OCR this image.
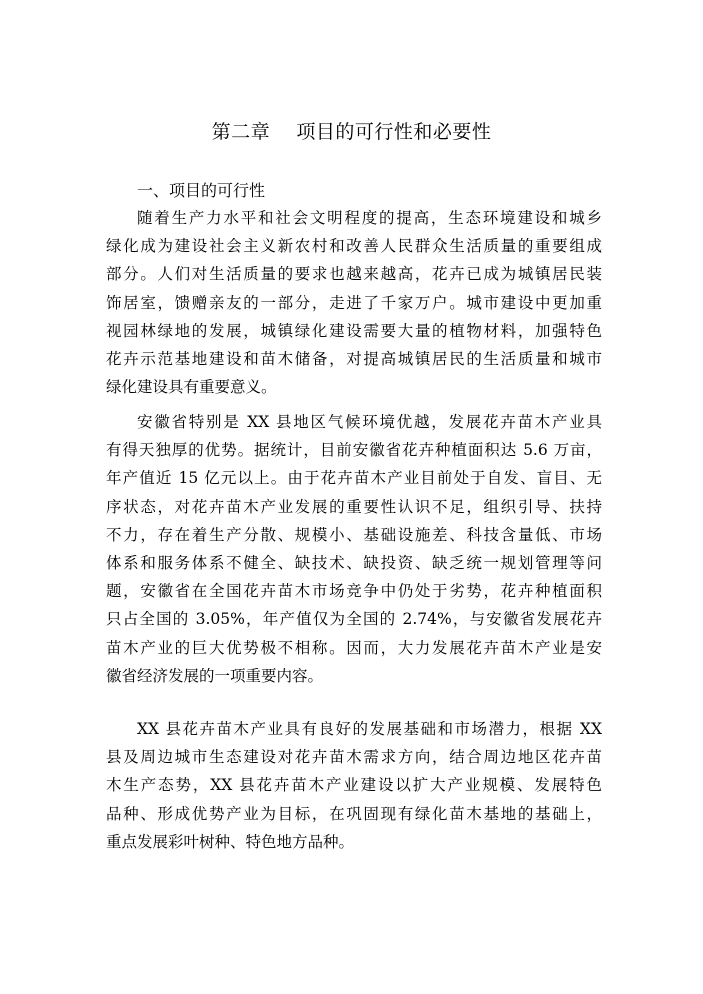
第二章    项目的可行性和必要性
一、项目的可行性
随着生产力水平和社会文明程度的提高，生态环境建设和城乡
绿化成为建设社会主义新农村和改善人民群众生活质量的重要组成
部分。人们对生活质量的要求也越来越高，花卉已成为城镇居民装
饰居室，馈赠亲友的一部分，走进了千家万户。城市建设中更加重
视园林绿地的发展，城镇绿化建设需要大量的植物材料，加强特色
花卉示范基地建设和苗木储备，对提高城镇居民的生活质量和城市
绿化建设具有重要意义。
安徽省特别是 XX 县地区气候环境优越，发展花卉苗木产业具
有得天独厚的优势。据统计，目前安徽省花卉种植面积达 5.6 万亩，
年产值近 15 亿元以上。由于花卉苗木产业目前处于自发、盲目、无
序状态，对花卉苗木产业发展的重要性认识不足，组织引导、扶持
不力，存在着生产分散、规模小、基础设施差、科技含量低、市场
体系和服务体系不健全、缺技术、缺投资、缺乏统一规划管理等问
题，安徽省在全国花卉苗木市场竞争中仍处于劣势，花卉种植面积
只占全国的 3.05%，年产值仅为全国的 2.74%，与安徽省发展花卉
苗木产业的巨大优势极不相称。因而，大力发展花卉苗木产业是安
徽省经济发展的一项重要内容。
XX 县花卉苗木产业具有良好的发展基础和市场潜力，根据 XX
县及周边城市生态建设对花卉苗木需求方向，结合周边地区花卉苗
木生产态势，XX 县花卉苗木产业建设以扩大产业规模、发展特色
品种、形成优势产业为目标，在巩固现有绿化苗木基地的基础上，
重点发展彩叶树种、特色地方品种。
